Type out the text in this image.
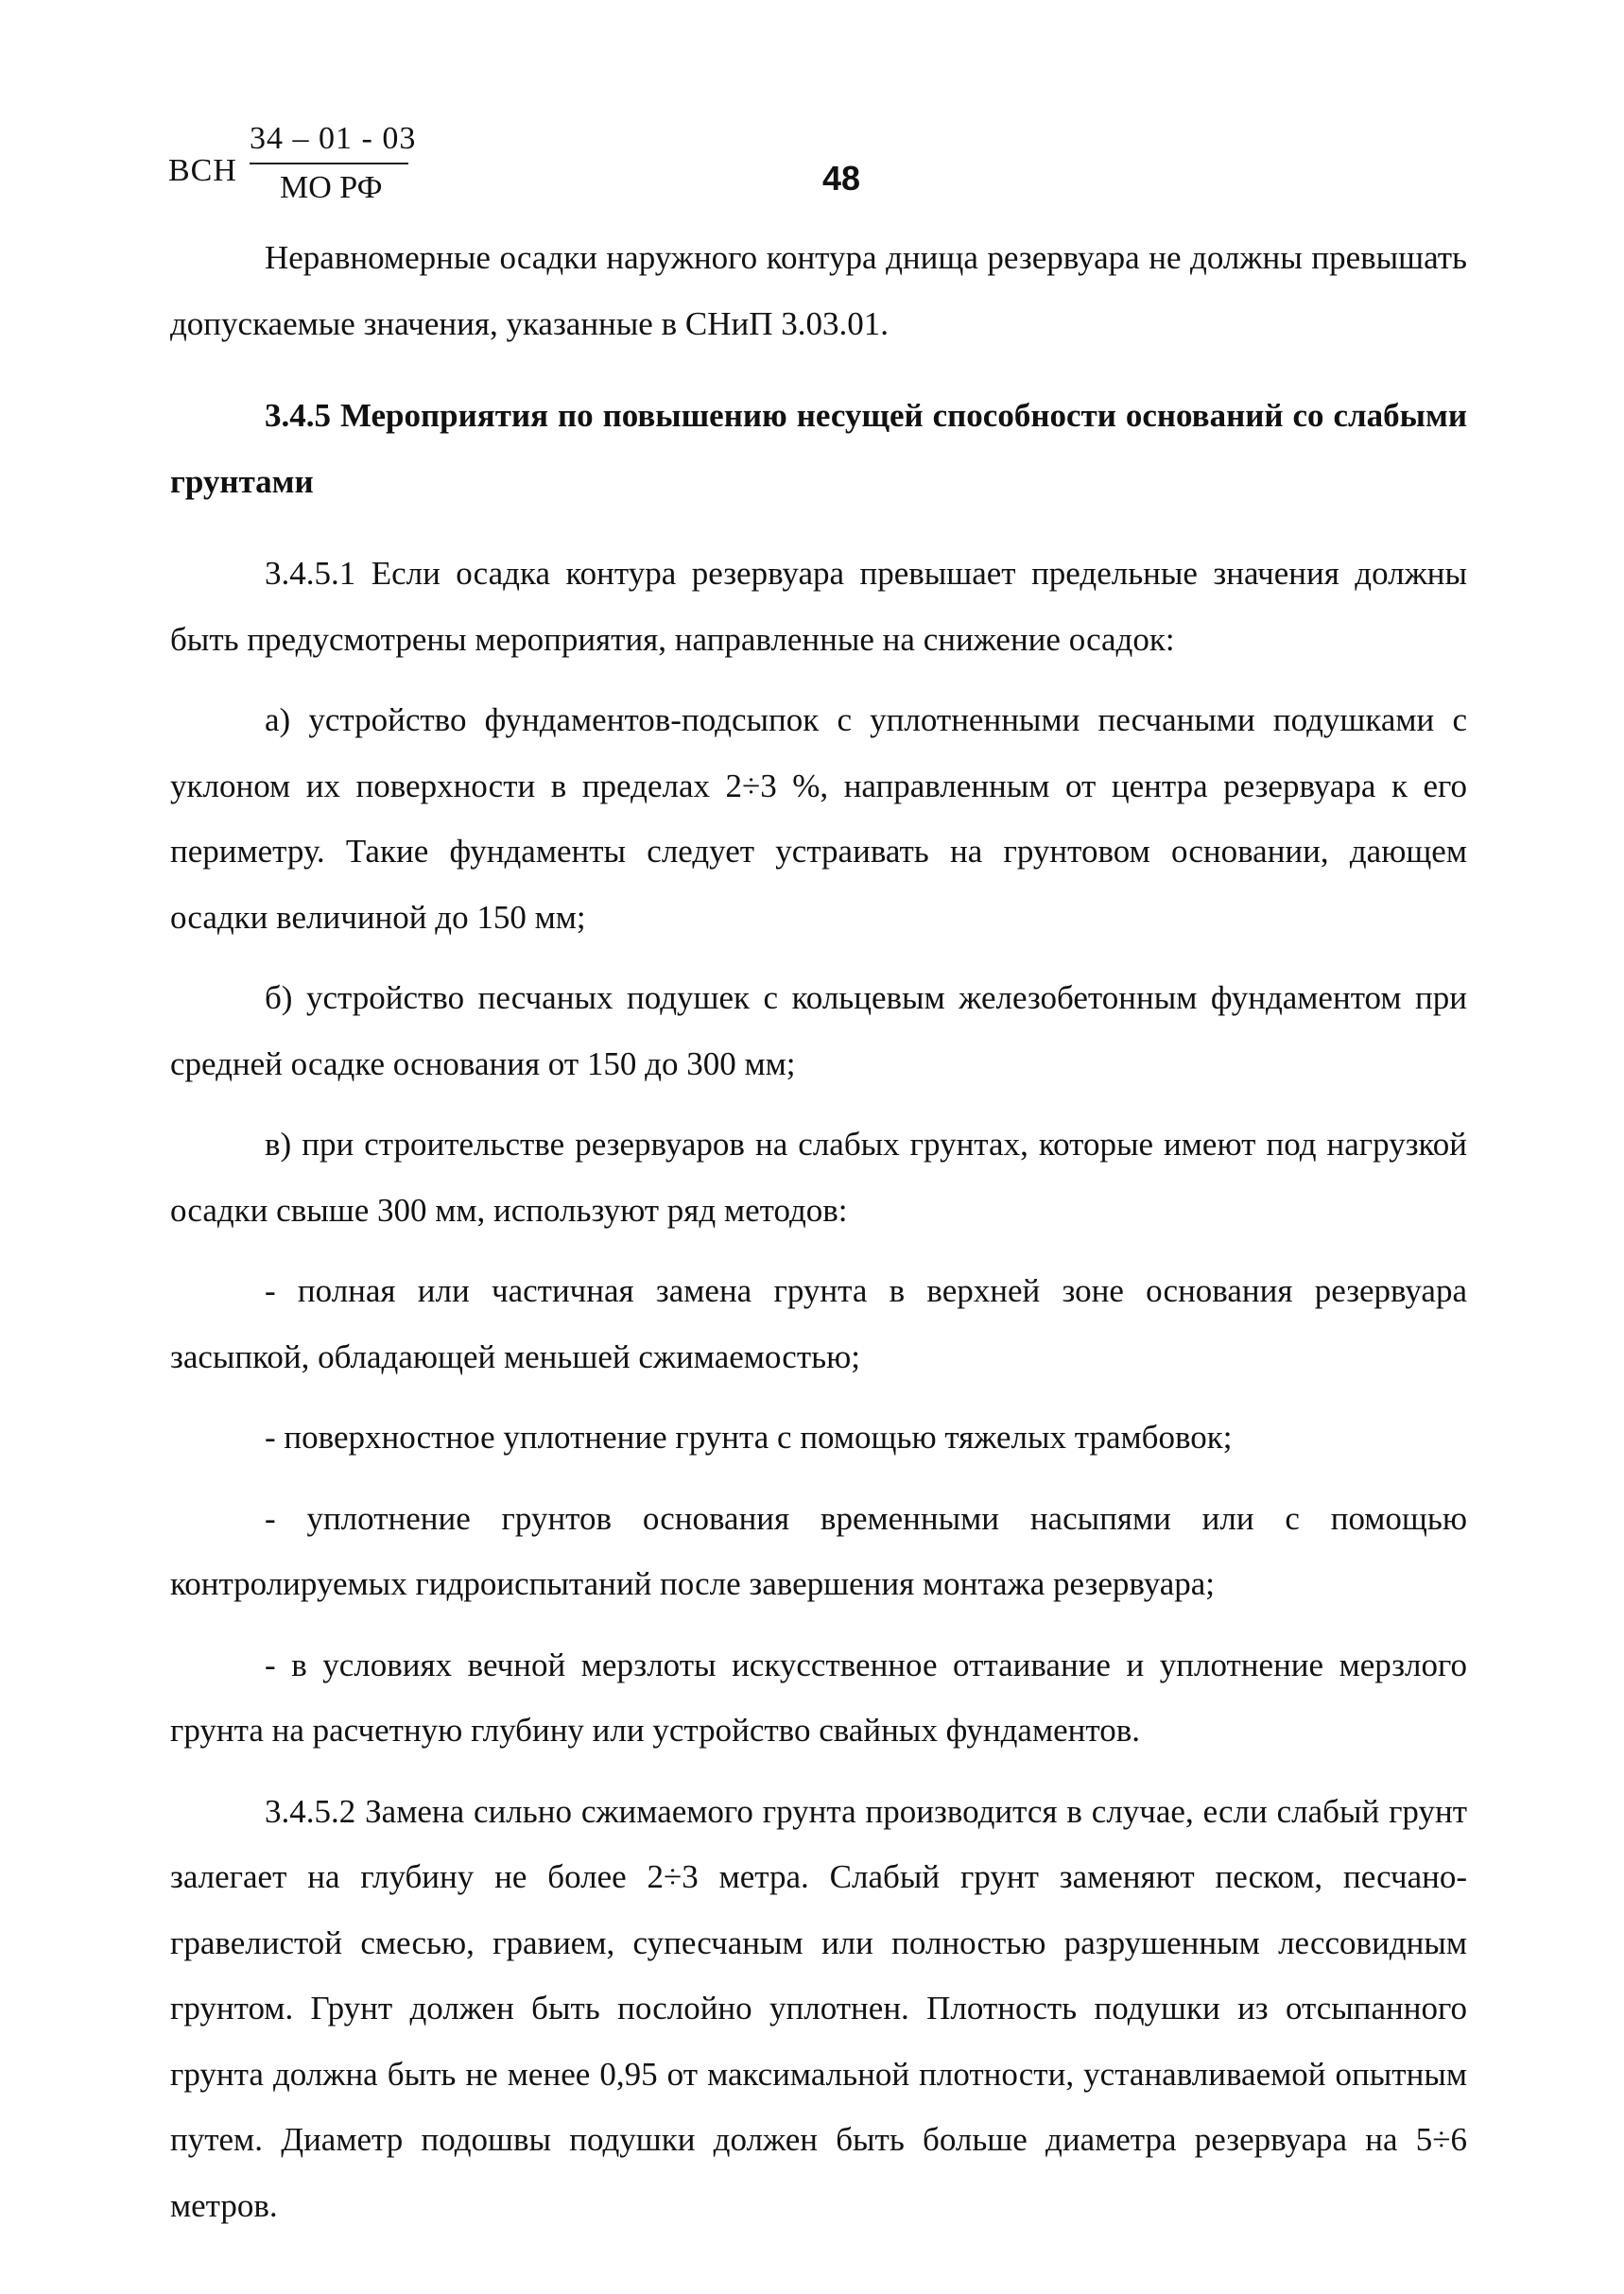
ВСН
34 – 01 - 03
МО РФ	48

Неравномерные осадки наружного контура днища резервуара не должны превышать допускаемые значения, указанные в СНиП 3.03.01.

3.4.5 Мероприятия по повышению несущей способности оснований со слабыми грунтами

3.4.5.1 Если осадка контура резервуара превышает предельные значения должны быть предусмотрены мероприятия, направленные на снижение осадок:

а) устройство фундаментов-подсыпок с уплотненными песчаными подушками с уклоном их поверхности в пределах 2÷3 %, направленным от центра резервуара к его периметру. Такие фундаменты следует устраивать на грунтовом основании, дающем осадки величиной до 150 мм;

б) устройство песчаных подушек с кольцевым железобетонным фундаментом при средней осадке основания от 150 до 300 мм;

в) при строительстве резервуаров на слабых грунтах, которые имеют под нагрузкой осадки свыше 300 мм, используют ряд методов:

- полная или частичная замена грунта в верхней зоне основания резервуара засыпкой, обладающей меньшей сжимаемостью;

- поверхностное уплотнение грунта с помощью тяжелых трамбовок;

- уплотнение грунтов основания временными насыпями или с помощью контролируемых гидроиспытаний после завершения монтажа резервуара;

- в условиях вечной мерзлоты искусственное оттаивание и уплотнение мерзлого грунта на расчетную глубину или устройство свайных фундаментов.

3.4.5.2 Замена сильно сжимаемого грунта производится в случае, если слабый грунт залегает на глубину не более 2÷3 метра. Слабый грунт заменяют песком, песчано-гравелистой смесью, гравием, супесчаным или полностью разрушенным лессовидным грунтом. Грунт должен быть послойно уплотнен. Плотность подушки из отсыпанного грунта должна быть не менее 0,95 от максимальной плотности, устанавливаемой опытным путем. Диаметр подошвы подушки должен быть больше диаметра резервуара на 5÷6 метров.
